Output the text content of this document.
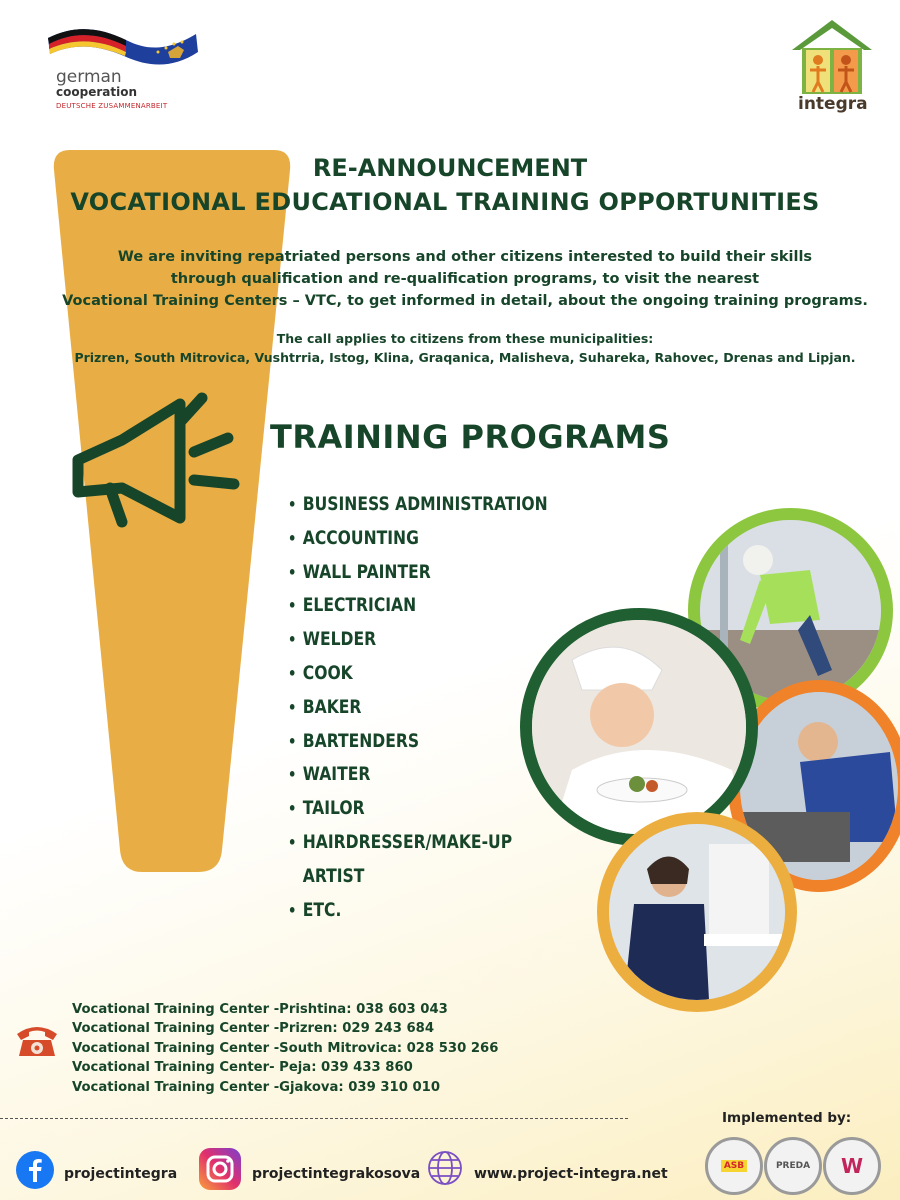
german
cooperation
DEUTSCHE ZUSAMMENARBEIT	integra
RE-ANNOUNCEMENT
VOCATIONAL EDUCATIONAL TRAINING OPPORTUNITIES
We are inviting repatriated persons and other citizens interested to build their skills
through qualification and re-qualification programs, to visit the nearest
Vocational Training Centers – VTC, to get informed in detail, about the ongoing training programs.
The call applies to citizens from these municipalities:
Prizren, South Mitrovica, Vushtrria, Istog, Klina, Graqanica, Malisheva, Suhareka, Rahovec, Drenas and Lipjan.
TRAINING PROGRAMS
• BUSINESS ADMINISTRATION
• ACCOUNTING
• WALL PAINTER
• ELECTRICIAN
• WELDER
• COOK
• BAKER
• BARTENDERS
• WAITER
• TAILOR
• HAIRDRESSER/MAKE-UP
ARTIST
• ETC.
Vocational Training Center -Prishtina: 038 603 043
Vocational Training Center -Prizren: 029 243 684
Vocational Training Center -South Mitrovica: 028 530 266
Vocational Training Center- Peja: 039 433 860
Vocational Training Center -Gjakova: 039 310 010
Implemented by:
ASB	PREDA W
projectintegra	projectintegrakosova	www.project-integra.net
